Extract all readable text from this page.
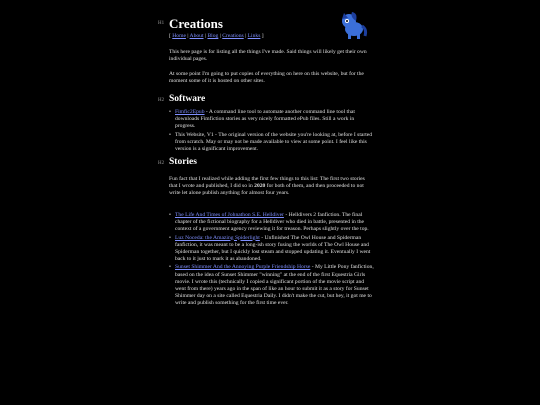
H1
H2
H2
Creations
[ Home | About | Blog | Creations | Links ]

This here page is for listing all the things I've made. Said things will likely get their own individual pages.

At some point I'm going to put copies of everything on here on this website, but for the moment some of it is hosted on other sites.

Software
• Fimfic2Epub - A command line tool to automate another command line tool that downloads Fimfiction stories as very nicely formatted ePub files. Still a work in progress.
• This Website, V1 - The original version of the website you're looking at, before I started from scratch. May or may not be made available to view at some point. I feel like this version is a significant improvement.
Stories

Fun fact that I realized while adding the first few things to this list: The first two stories that I wrote and published, I did so in 2020 for both of them, and then proceeded to not write let alone publish anything for almost four years.

• The Life And Times of Johnathon S.E. Helldiver - Helldivers 2 fanfiction. The final chapter of the fictional biography for a Helldiver who died in battle, presented in the context of a government agency reviewing it for treason. Perhaps slightly over the top.
• Luz Noceda: the Amazing Spiderlight - Unfinished The Owl House and Spiderman fanfiction, it was meant to be a long-ish story fusing the worlds of The Owl House and Spiderman together, but I quickly lost steam and stopped updating it. Eventually I went back to it just to mark it as abandoned.
• Sunset Shimmer And the Annoying Purple Friendship Horse - My Little Pony fanfiction, based on the idea of Sunset Shimmer "winning" at the end of the first Equestria Girls movie. I wrote this (technically I copied a significant portion of the movie script and went from there) years ago in the span of like an hour to submit it as a story for Sunset Shimmer day on a site called Equestria Daily. I didn't make the cut, but hey, it got me to write and publish something for the first time ever.
